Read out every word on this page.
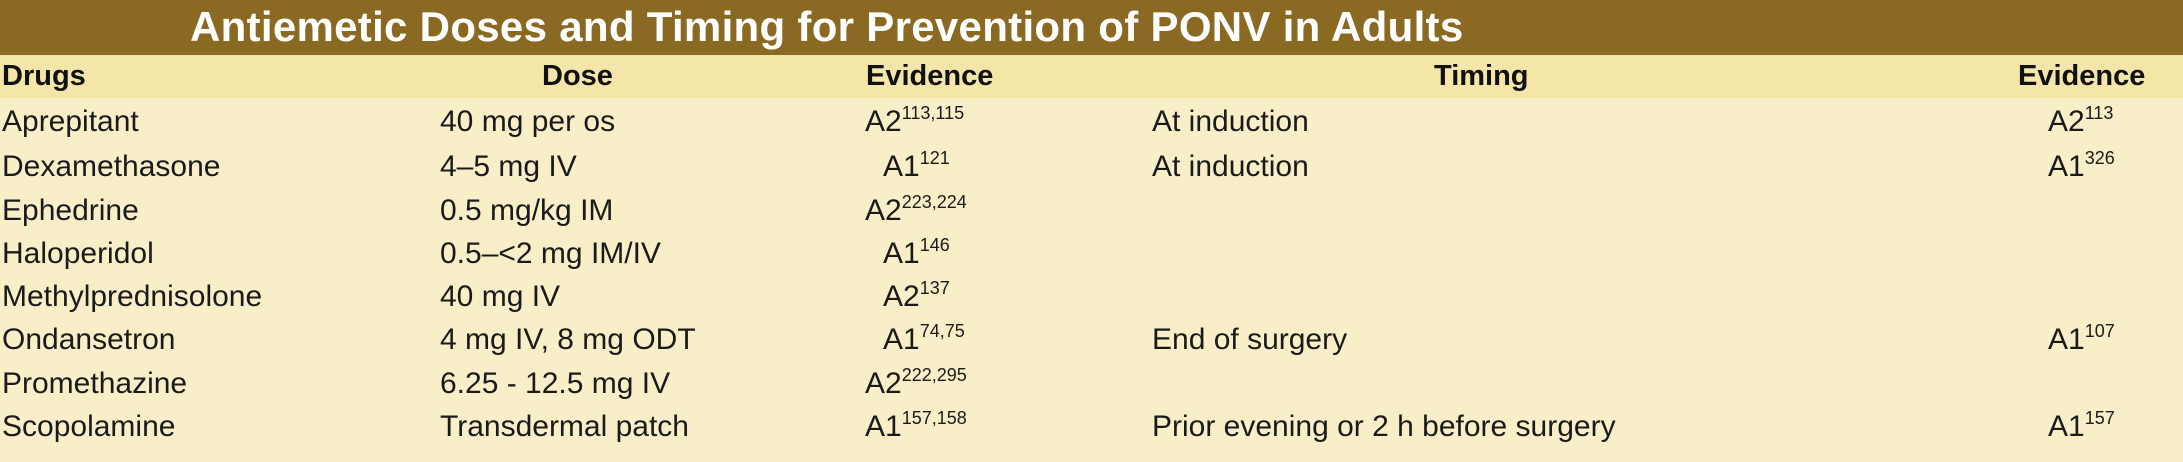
Antiemetic Doses and Timing for Prevention of PONV in Adults
Drugs	Dose	Evidence	Timing	Evidence
Aprepitant	40 mg per os	A2$^{113,115}$	At induction	$A2^{113}$
Dexamethasone	4–5 mg IV	$A1^{121}$	At induction	$A1^{326}$
Ephedrine	0.5 mg/kg IM	A2$^{223,224}$
Haloperidol	0.5–<2 mg IM/IV	$A1^{146}$
Methylprednisolone	40 mg IV	$A2^{137}$
Ondansetron	4 mg IV, 8 mg ODT	A1$^{74,75}$	End of surgery	$A1^{107}$
Promethazine	6.25 - 12.5 mg IV	A2$^{222,295}$
Scopolamine	Transdermal patch	A1$^{157,158}$	Prior evening or 2 h before surgery	$A1^{157}$
